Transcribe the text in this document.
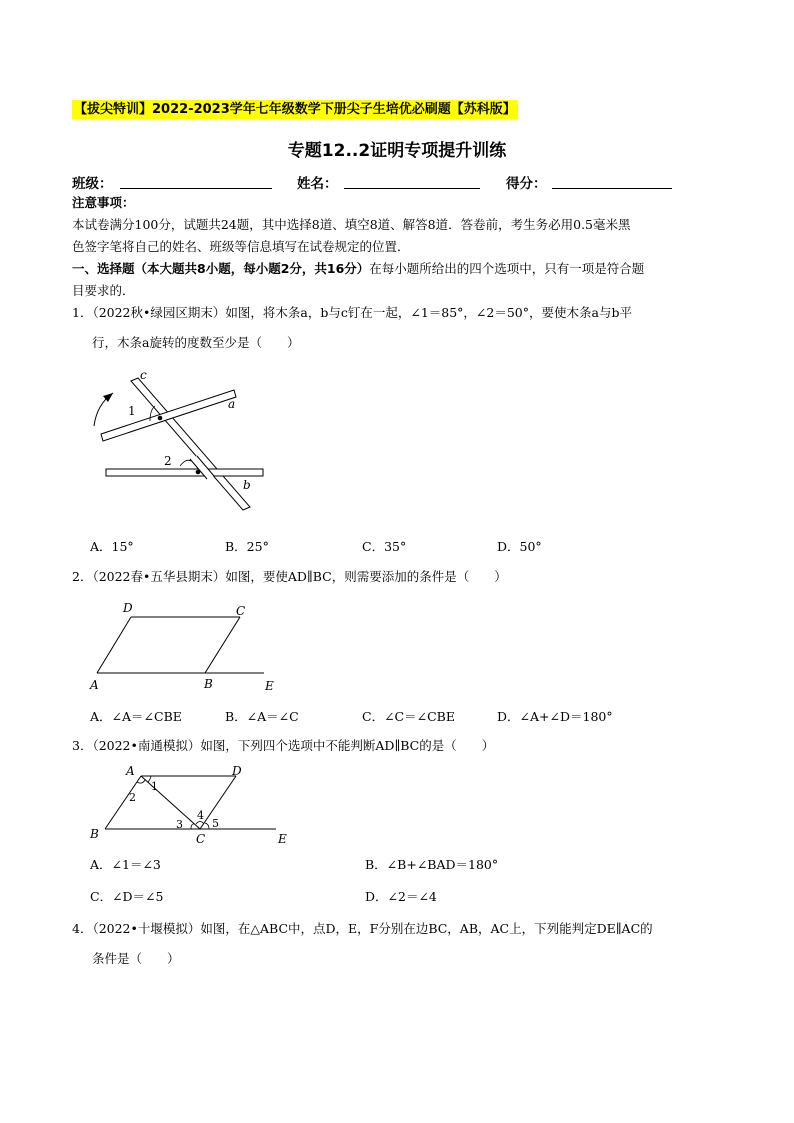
【拔尖特训】2022-2023学年七年级数学下册尖子生培优必刷题【苏科版】
专题12..2证明专项提升训练
班级：	姓名：	得分：
注意事项：
本试卷满分100分，试题共24题，其中选择8道、填空8道、解答8道．答卷前，考生务必用0.5毫米黑
色签字笔将自己的姓名、班级等信息填写在试卷规定的位置．
一、选择题（本大题共8小题，每小题2分，共16分）在每小题所给出的四个选项中，只有一项是符合题
目要求的．
1．（2022秋•绿园区期末）如图，将木条a，b与c钉在一起，∠1＝85°，∠2＝50°，要使木条a与b平
行，木条a旋转的度数至少是（　　）
c
a
b
1
2
A．15°	B．25°	C．35°	D．50°
2．（2022春•五华县期末）如图，要使AD∥BC，则需要添加的条件是（　　）
D	C
A	B	E
A．∠A＝∠CBE	B．∠A＝∠C	C．∠C＝∠CBE	D．∠A+∠D＝180°
3．（2022•南通模拟）如图，下列四个选项中不能判断AD∥BC的是（　　）
A	D
B	C	E
1
2
3
4
5
A．∠1＝∠3	B．∠B+∠BAD＝180°
C．∠D＝∠5	D．∠2＝∠4
4．（2022•十堰模拟）如图，在△ABC中，点D，E，F分别在边BC，AB，AC上，下列能判定DE∥AC的
条件是（　　）
